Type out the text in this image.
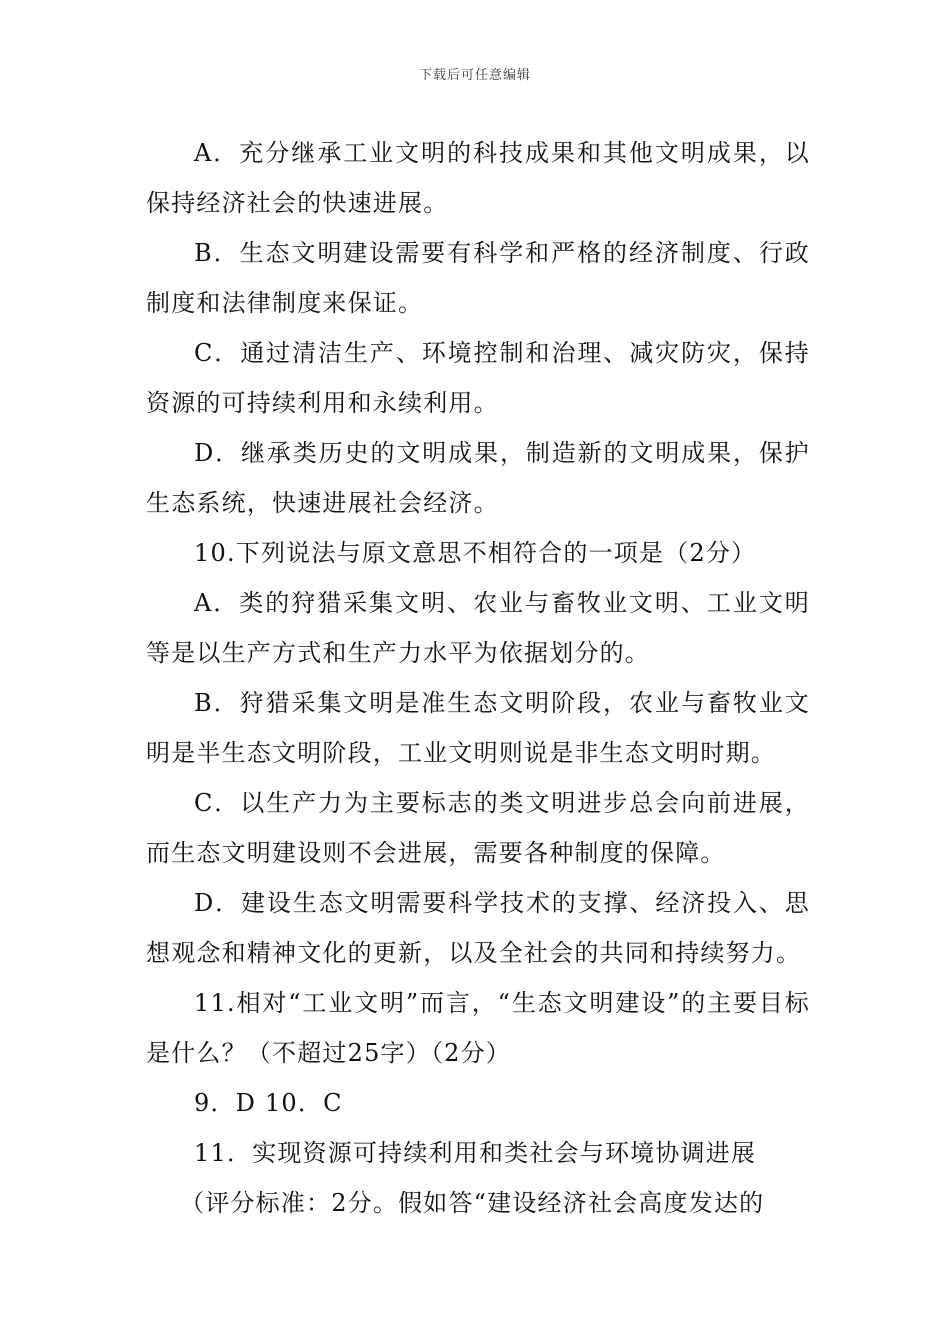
下载后可任意编辑

A．充分继承工业文明的科技成果和其他文明成果，以保持经济社会的快速进展。

B．生态文明建设需要有科学和严格的经济制度、行政制度和法律制度来保证。

C．通过清洁生产、环境控制和治理、减灾防灾，保持资源的可持续利用和永续利用。

D．继承类历史的文明成果，制造新的文明成果，保护生态系统，快速进展社会经济。

10.下列说法与原文意思不相符合的一项是（2分）

A．类的狩猎采集文明、农业与畜牧业文明、工业文明等是以生产方式和生产力水平为依据划分的。

B．狩猎采集文明是准生态文明阶段，农业与畜牧业文明是半生态文明阶段，工业文明则说是非生态文明时期。

C．以生产力为主要标志的类文明进步总会向前进展，而生态文明建设则不会进展，需要各种制度的保障。

D．建设生态文明需要科学技术的支撑、经济投入、思想观念和精神文化的更新，以及全社会的共同和持续努力。

11.相对“工业文明”而言，“生态文明建设”的主要目标是什么？（不超过25字）（2分）

9．D 10．C

11．实现资源可持续利用和类社会与环境协调进展

（评分标准：2分。假如答“建设经济社会高度发达的
